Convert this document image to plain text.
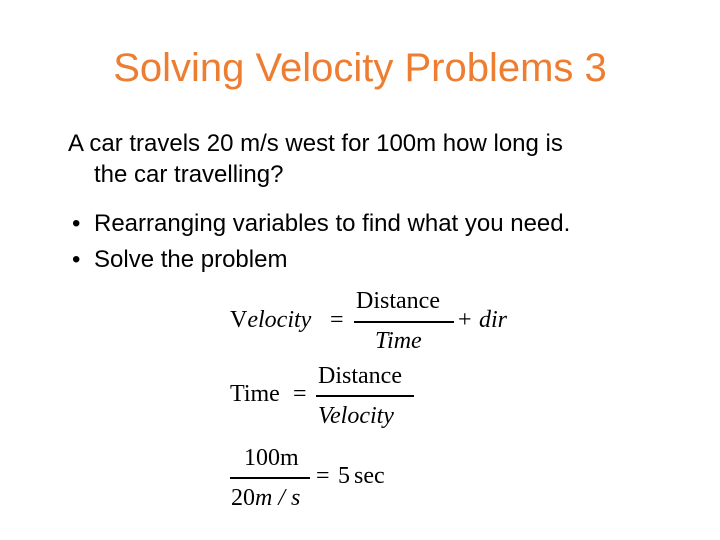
Solving Velocity Problems 3

A car travels 20 m/s west for 100m how long is
the car travelling?

• Rearranging variables to find what you need.
• Solve the problem
Velocity =
Distance
Time
+ dir
Time =
Distance
Velocity
100m
20m / s
= 5 sec
